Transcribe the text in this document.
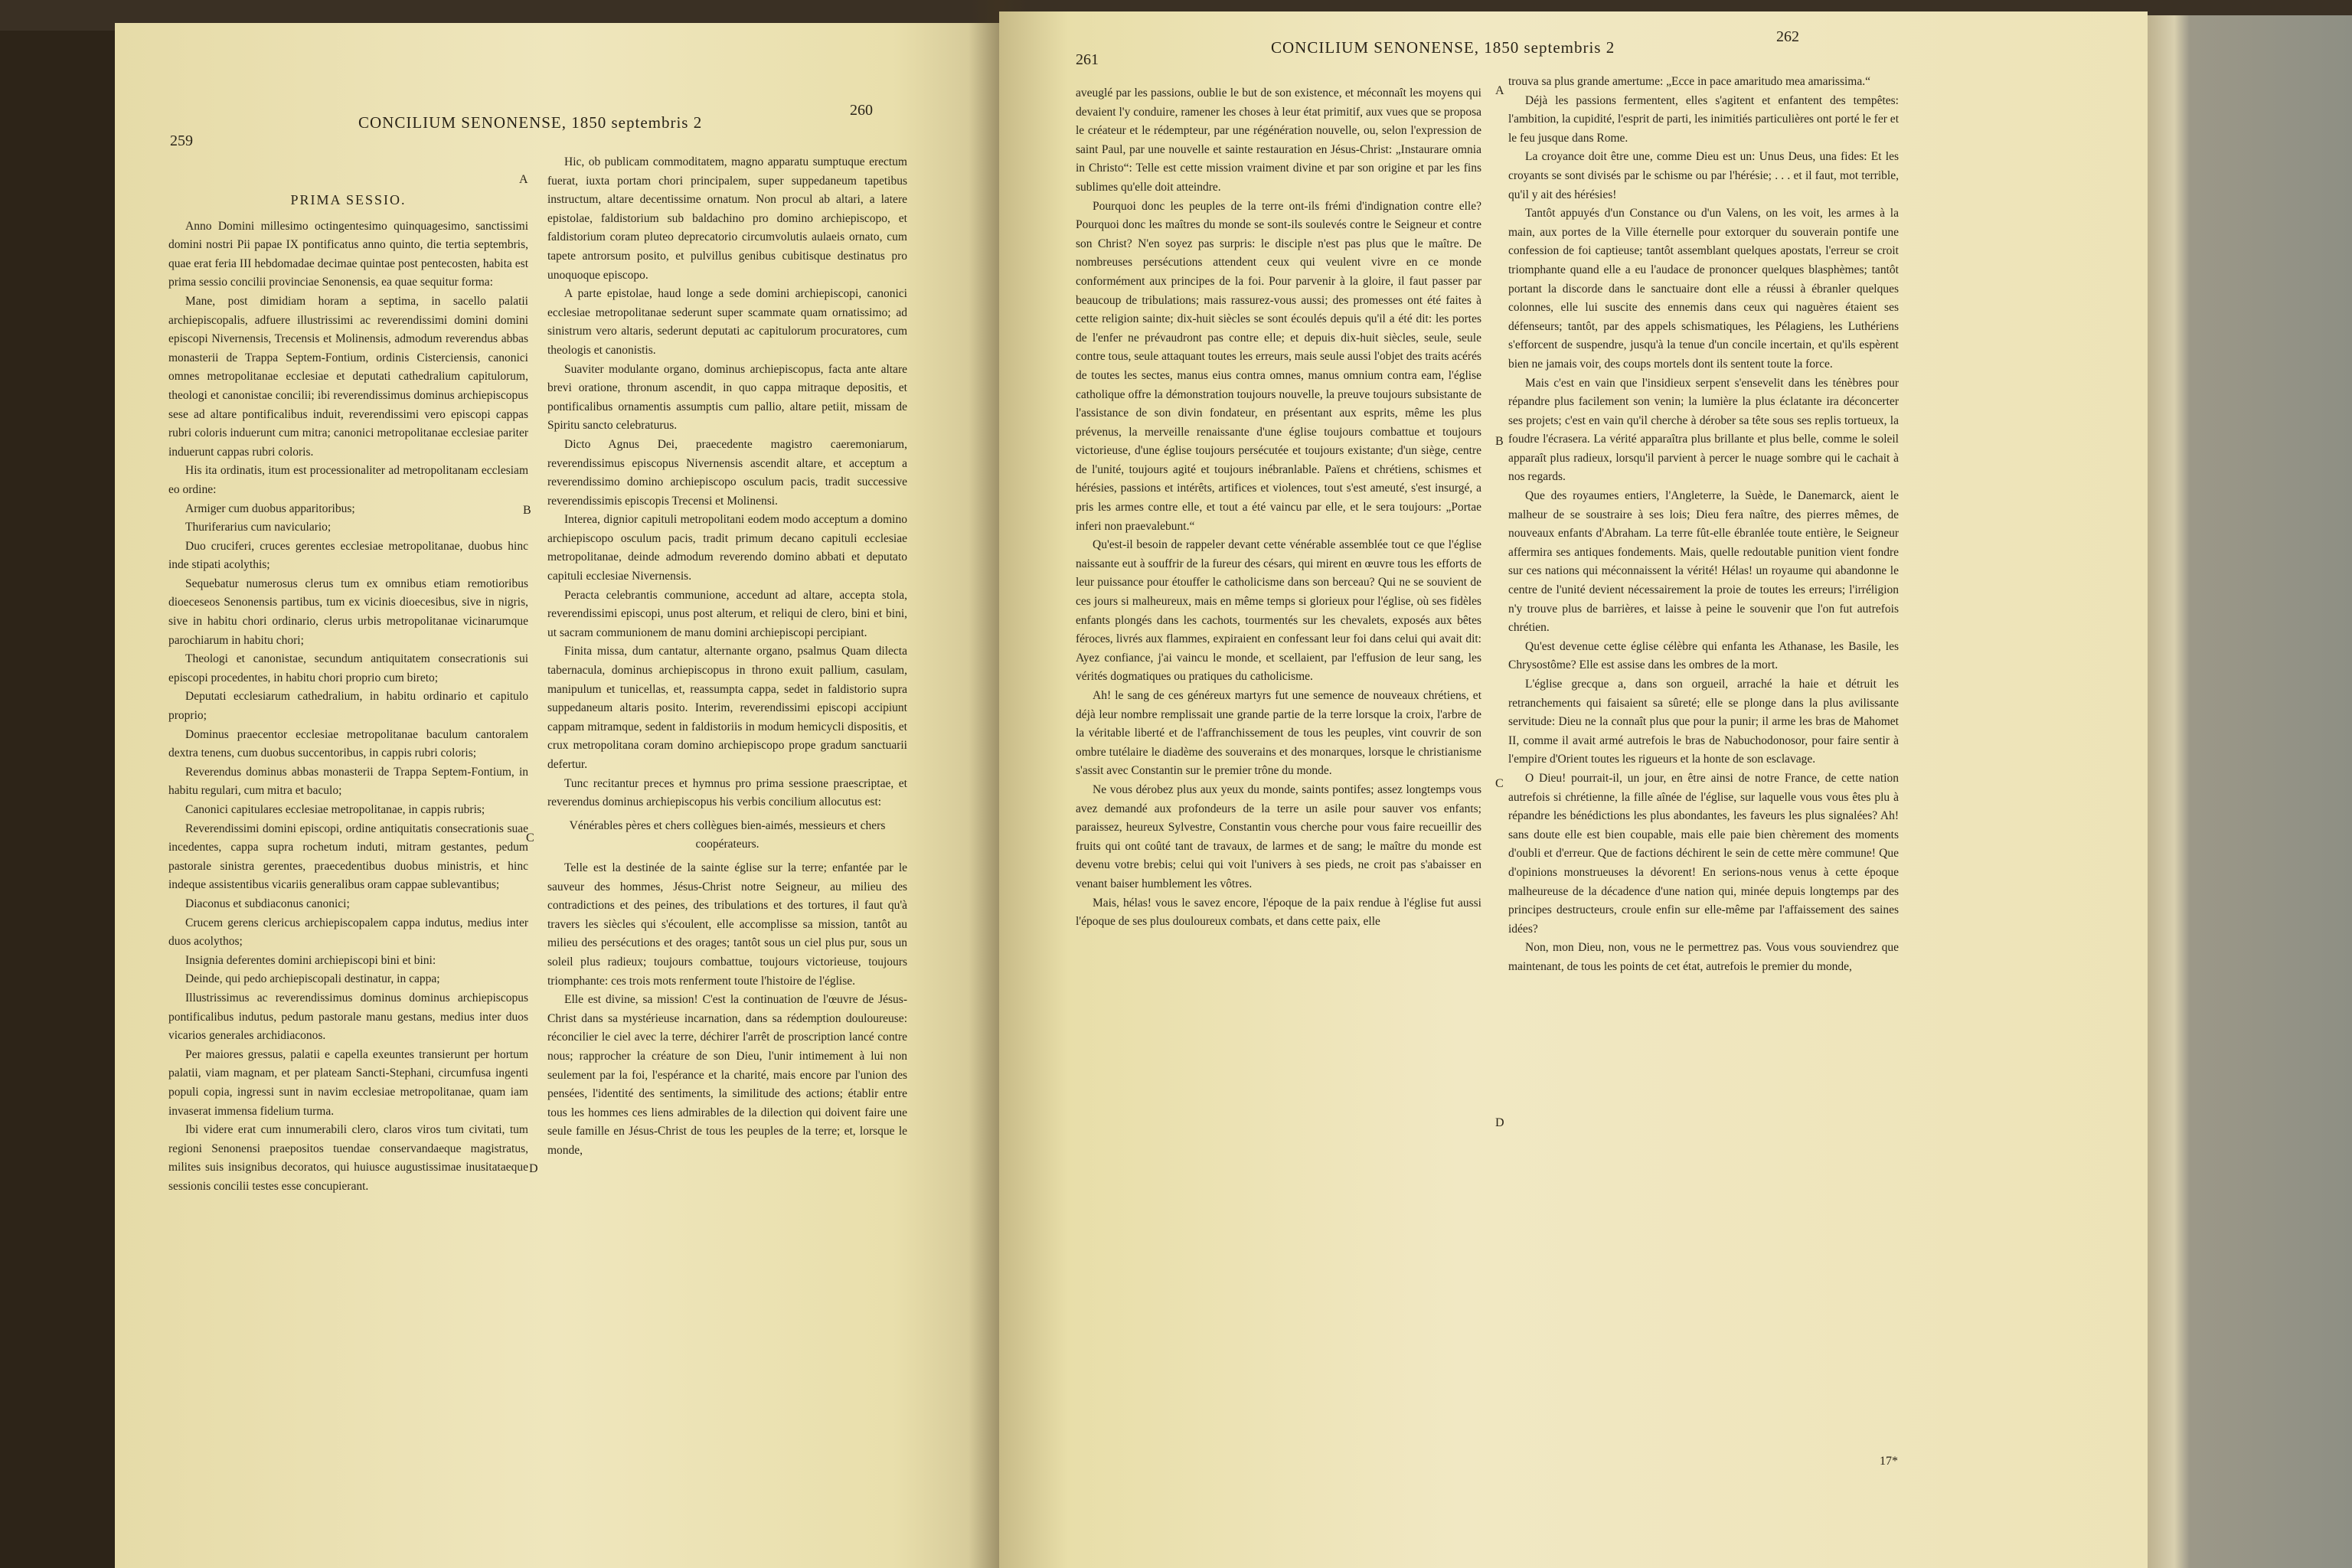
259
CONCILIUM SENONENSE, 1850 septembris 2
260

PRIMA SESSIO.

Anno Domini millesimo octingentesimo quinquagesimo, sanctissimi domini nostri Pii papae IX pontificatus anno quinto, die tertia septembris, quae erat feria III hebdomadae decimae quintae post pentecosten, habita est prima sessio concilii provinciae Senonensis, ea quae sequitur forma:

Mane, post dimidiam horam a septima, in sacello palatii archiepiscopalis, adfuere illustrissimi ac reverendissimi domini domini episcopi Nivernensis, Trecensis et Molinensis, admodum reverendus abbas monasterii de Trappa Septem-Fontium, ordinis Cisterciensis, canonici omnes metropolitanae ecclesiae et deputati cathedralium capitulorum, theologi et canonistae concilii; ibi reverendissimus dominus archiepiscopus sese ad altare pontificalibus induit, reverendissimi vero episcopi cappas rubri coloris induerunt cum mitra; canonici metropolitanae ecclesiae pariter induerunt cappas rubri coloris.

His ita ordinatis, itum est processionaliter ad metropolitanam ecclesiam eo ordine:

Armiger cum duobus apparitoribus;

Thuriferarius cum naviculario;

Duo cruciferi, cruces gerentes ecclesiae metropolitanae, duobus hinc inde stipati acolythis;

Sequebatur numerosus clerus tum ex omnibus etiam remotioribus dioeceseos Senonensis partibus, tum ex vicinis dioecesibus, sive in nigris, sive in habitu chori ordinario, clerus urbis metropolitanae vicinarumque parochiarum in habitu chori;

Theologi et canonistae, secundum antiquitatem consecrationis sui episcopi procedentes, in habitu chori proprio cum bireto;

Deputati ecclesiarum cathedralium, in habitu ordinario et capitulo proprio;

Dominus praecentor ecclesiae metropolitanae baculum cantoralem dextra tenens, cum duobus succentoribus, in cappis rubri coloris;

Reverendus dominus abbas monasterii de Trappa Septem-Fontium, in habitu regulari, cum mitra et baculo;

Canonici capitulares ecclesiae metropolitanae, in cappis rubris;

Reverendissimi domini episcopi, ordine antiquitatis consecrationis suae incedentes, cappa supra rochetum induti, mitram gestantes, pedum pastorale sinistra gerentes, praecedentibus duobus ministris, et hinc indeque assistentibus vicariis generalibus oram cappae sublevantibus;

Diaconus et subdiaconus canonici;

Crucem gerens clericus archiepiscopalem cappa indutus, medius inter duos acolythos;

Insignia deferentes domini archiepiscopi bini et bini:

Deinde, qui pedo archiepiscopali destinatur, in cappa;

Illustrissimus ac reverendissimus dominus dominus archiepiscopus pontificalibus indutus, pedum pastorale manu gestans, medius inter duos vicarios generales archidiaconos.

Per maiores gressus, palatii e capella exeuntes transierunt per hortum palatii, viam magnam, et per plateam Sancti-Stephani, circumfusa ingenti populi copia, ingressi sunt in navim ecclesiae metropolitanae, quam iam invaserat immensa fidelium turma.

Ibi videre erat cum innumerabili clero, claros viros tum civitati, tum regioni Senonensi praepositos tuendae conservandaeque magistratus, milites suis insignibus decoratos, qui huiusce augustissimae inusitataeque sessionis concilii testes esse concupierant.

A
B
C
D

Hic, ob publicam commoditatem, magno apparatu sumptuque erectum fuerat, iuxta portam chori principalem, super suppedaneum tapetibus instructum, altare decentissime ornatum. Non procul ab altari, a latere epistolae, faldistorium sub baldachino pro domino archiepiscopo, et faldistorium coram pluteo deprecatorio circumvolutis aulaeis ornato, cum tapete antrorsum posito, et pulvillus genibus cubitisque destinatus pro unoquoque episcopo.

A parte epistolae, haud longe a sede domini archiepiscopi, canonici ecclesiae metropolitanae sederunt super scammate quam ornatissimo; ad sinistrum vero altaris, sederunt deputati ac capitulorum procuratores, cum theologis et canonistis.

Suaviter modulante organo, dominus archiepiscopus, facta ante altare brevi oratione, thronum ascendit, in quo cappa mitraque depositis, et pontificalibus ornamentis assumptis cum pallio, altare petiit, missam de Spiritu sancto celebraturus.

Dicto Agnus Dei, praecedente magistro caeremoniarum, reverendissimus episcopus Nivernensis ascendit altare, et acceptum a reverendissimo domino archiepiscopo osculum pacis, tradit successive reverendissimis episcopis Trecensi et Molinensi.

Interea, dignior capituli metropolitani eodem modo acceptum a domino archiepiscopo osculum pacis, tradit primum decano capituli ecclesiae metropolitanae, deinde admodum reverendo domino abbati et deputato capituli ecclesiae Nivernensis.

Peracta celebrantis communione, accedunt ad altare, accepta stola, reverendissimi episcopi, unus post alterum, et reliqui de clero, bini et bini, ut sacram communionem de manu domini archiepiscopi percipiant.

Finita missa, dum cantatur, alternante organo, psalmus Quam dilecta tabernacula, dominus archiepiscopus in throno exuit pallium, casulam, manipulum et tunicellas, et, reassumpta cappa, sedet in faldistorio supra suppedaneum altaris posito. Interim, reverendissimi episcopi accipiunt cappam mitramque, sedent in faldistoriis in modum hemicycli dispositis, et crux metropolitana coram domino archiepiscopo prope gradum sanctuarii defertur.

Tunc recitantur preces et hymnus pro prima sessione praescriptae, et reverendus dominus archiepiscopus his verbis concilium allocutus est:

Vénérables pères et chers collègues bien-aimés, messieurs et chers coopérateurs.

Telle est la destinée de la sainte église sur la terre; enfantée par le sauveur des hommes, Jésus-Christ notre Seigneur, au milieu des contradictions et des peines, des tribulations et des tortures, il faut qu'à travers les siècles qui s'écoulent, elle accomplisse sa mission, tantôt au milieu des persécutions et des orages; tantôt sous un ciel plus pur, sous un soleil plus radieux; toujours combattue, toujours victorieuse, toujours triomphante: ces trois mots renferment toute l'histoire de l'église.

Elle est divine, sa mission! C'est la continuation de l'œuvre de Jésus-Christ dans sa mystérieuse incarnation, dans sa rédemption douloureuse: réconcilier le ciel avec la terre, déchirer l'arrêt de proscription lancé contre nous; rapprocher la créature de son Dieu, l'unir intimement à lui non seulement par la foi, l'espérance et la charité, mais encore par l'union des pensées, l'identité des sentiments, la similitude des actions; établir entre tous les hommes ces liens admirables de la dilection qui doivent faire une seule famille en Jésus-Christ de tous les peuples de la terre; et, lorsque le monde,

261
CONCILIUM SENONENSE, 1850 septembris 2
262

aveuglé par les passions, oublie le but de son existence, et méconnaît les moyens qui devaient l'y conduire, ramener les choses à leur état primitif, aux vues que se proposa le créateur et le rédempteur, par une régénération nouvelle, ou, selon l'expression de saint Paul, par une nouvelle et sainte restauration en Jésus-Christ: „Instaurare omnia in Christo“: Telle est cette mission vraiment divine et par son origine et par les fins sublimes qu'elle doit atteindre.

Pourquoi donc les peuples de la terre ont-ils frémi d'indignation contre elle? Pourquoi donc les maîtres du monde se sont-ils soulevés contre le Seigneur et contre son Christ? N'en soyez pas surpris: le disciple n'est pas plus que le maître. De nombreuses persécutions attendent ceux qui veulent vivre en ce monde conformément aux principes de la foi. Pour parvenir à la gloire, il faut passer par beaucoup de tribulations; mais rassurez-vous aussi; des promesses ont été faites à cette religion sainte; dix-huit siècles se sont écoulés depuis qu'il a été dit: les portes de l'enfer ne prévaudront pas contre elle; et depuis dix-huit siècles, seule, seule contre tous, seule attaquant toutes les erreurs, mais seule aussi l'objet des traits acérés de toutes les sectes, manus eius contra omnes, manus omnium contra eam, l'église catholique offre la démonstration toujours nouvelle, la preuve toujours subsistante de l'assistance de son divin fondateur, en présentant aux esprits, même les plus prévenus, la merveille renaissante d'une église toujours combattue et toujours victorieuse, d'une église toujours persécutée et toujours existante; d'un siège, centre de l'unité, toujours agité et toujours inébranlable. Païens et chrétiens, schismes et hérésies, passions et intérêts, artifices et violences, tout s'est ameuté, s'est insurgé, a pris les armes contre elle, et tout a été vaincu par elle, et le sera toujours: „Portae inferi non praevalebunt.“

Qu'est-il besoin de rappeler devant cette vénérable assemblée tout ce que l'église naissante eut à souffrir de la fureur des césars, qui mirent en œuvre tous les efforts de leur puissance pour étouffer le catholicisme dans son berceau? Qui ne se souvient de ces jours si malheureux, mais en même temps si glorieux pour l'église, où ses fidèles enfants plongés dans les cachots, tourmentés sur les chevalets, exposés aux bêtes féroces, livrés aux flammes, expiraient en confessant leur foi dans celui qui avait dit: Ayez confiance, j'ai vaincu le monde, et scellaient, par l'effusion de leur sang, les vérités dogmatiques ou pratiques du catholicisme.

Ah! le sang de ces généreux martyrs fut une semence de nouveaux chrétiens, et déjà leur nombre remplissait une grande partie de la terre lorsque la croix, l'arbre de la véritable liberté et de l'affranchissement de tous les peuples, vint couvrir de son ombre tutélaire le diadème des souverains et des monarques, lorsque le christianisme s'assit avec Constantin sur le premier trône du monde.

Ne vous dérobez plus aux yeux du monde, saints pontifes; assez longtemps vous avez demandé aux profondeurs de la terre un asile pour sauver vos enfants; paraissez, heureux Sylvestre, Constantin vous cherche pour vous faire recueillir des fruits qui ont coûté tant de travaux, de larmes et de sang; le maître du monde est devenu votre brebis; celui qui voit l'univers à ses pieds, ne croit pas s'abaisser en venant baiser humblement les vôtres.

Mais, hélas! vous le savez encore, l'époque de la paix rendue à l'église fut aussi l'époque de ses plus douloureux combats, et dans cette paix, elle

A
B
C
D

trouva sa plus grande amertume: „Ecce in pace amaritudo mea amarissima.“

Déjà les passions fermentent, elles s'agitent et enfantent des tempêtes: l'ambition, la cupidité, l'esprit de parti, les inimitiés particulières ont porté le fer et le feu jusque dans Rome.

La croyance doit être une, comme Dieu est un: Unus Deus, una fides: Et les croyants se sont divisés par le schisme ou par l'hérésie; . . . et il faut, mot terrible, qu'il y ait des hérésies!

Tantôt appuyés d'un Constance ou d'un Valens, on les voit, les armes à la main, aux portes de la Ville éternelle pour extorquer du souverain pontife une confession de foi captieuse; tantôt assemblant quelques apostats, l'erreur se croit triomphante quand elle a eu l'audace de prononcer quelques blasphèmes; tantôt portant la discorde dans le sanctuaire dont elle a réussi à ébranler quelques colonnes, elle lui suscite des ennemis dans ceux qui naguères étaient ses défenseurs; tantôt, par des appels schismatiques, les Pélagiens, les Luthériens s'efforcent de suspendre, jusqu'à la tenue d'un concile incertain, et qu'ils espèrent bien ne jamais voir, des coups mortels dont ils sentent toute la force.

Mais c'est en vain que l'insidieux serpent s'ensevelit dans les ténèbres pour répandre plus facilement son venin; la lumière la plus éclatante ira déconcerter ses projets; c'est en vain qu'il cherche à dérober sa tête sous ses replis tortueux, la foudre l'écrasera. La vérité apparaîtra plus brillante et plus belle, comme le soleil apparaît plus radieux, lorsqu'il parvient à percer le nuage sombre qui le cachait à nos regards.

Que des royaumes entiers, l'Angleterre, la Suède, le Danemarck, aient le malheur de se soustraire à ses lois; Dieu fera naître, des pierres mêmes, de nouveaux enfants d'Abraham. La terre fût-elle ébranlée toute entière, le Seigneur affermira ses antiques fondements. Mais, quelle redoutable punition vient fondre sur ces nations qui méconnaissent la vérité! Hélas! un royaume qui abandonne le centre de l'unité devient nécessairement la proie de toutes les erreurs; l'irréligion n'y trouve plus de barrières, et laisse à peine le souvenir que l'on fut autrefois chrétien.

Qu'est devenue cette église célèbre qui enfanta les Athanase, les Basile, les Chrysostôme? Elle est assise dans les ombres de la mort.

L'église grecque a, dans son orgueil, arraché la haie et détruit les retranchements qui faisaient sa sûreté; elle se plonge dans la plus avilissante servitude: Dieu ne la connaît plus que pour la punir; il arme les bras de Mahomet II, comme il avait armé autrefois le bras de Nabuchodonosor, pour faire sentir à l'empire d'Orient toutes les rigueurs et la honte de son esclavage.

O Dieu! pourrait-il, un jour, en être ainsi de notre France, de cette nation autrefois si chrétienne, la fille aînée de l'église, sur laquelle vous vous êtes plu à répandre les bénédictions les plus abondantes, les faveurs les plus signalées? Ah! sans doute elle est bien coupable, mais elle paie bien chèrement des moments d'oubli et d'erreur. Que de factions déchirent le sein de cette mère commune! Que d'opinions monstrueuses la dévorent! En serions-nous venus à cette époque malheureuse de la décadence d'une nation qui, minée depuis longtemps par des principes destructeurs, croule enfin sur elle-même par l'affaissement des saines idées?

Non, mon Dieu, non, vous ne le permettrez pas. Vous vous souviendrez que maintenant, de tous les points de cet état, autrefois le premier du monde,

17*
